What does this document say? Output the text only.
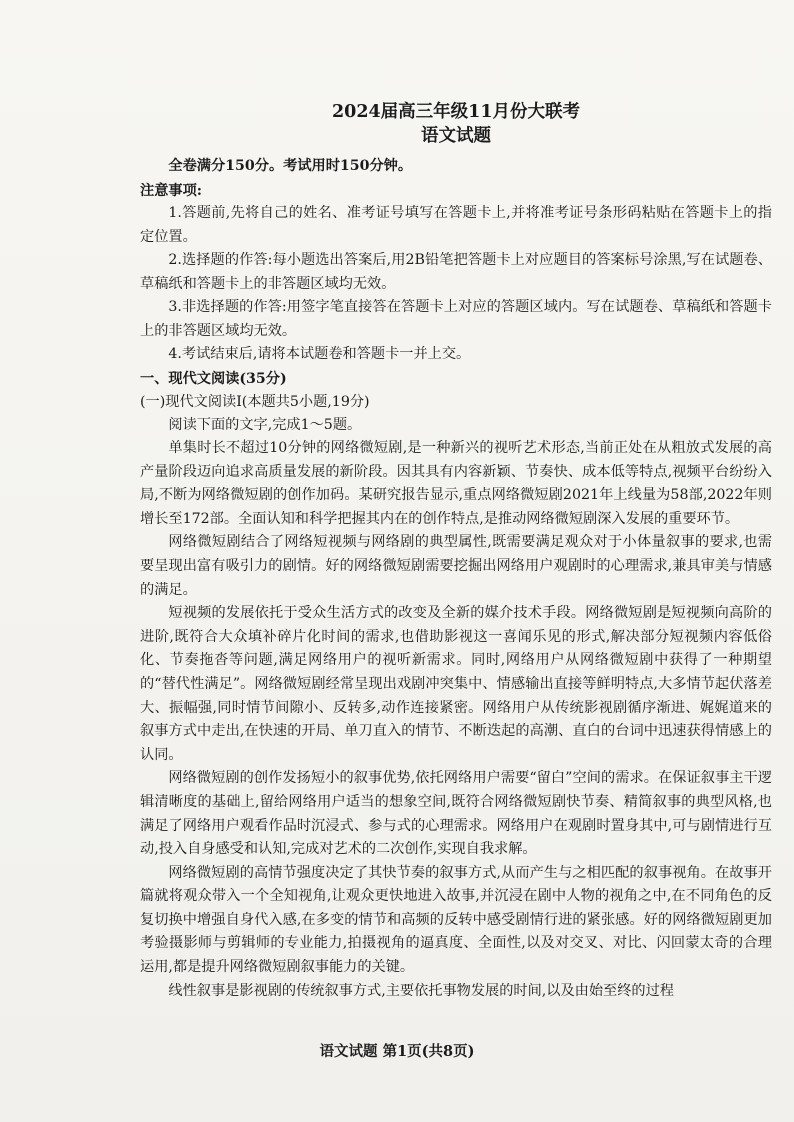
2024届高三年级11月份大联考

语文试题

全卷满分150分。考试用时150分钟。

注意事项:

1.答题前,先将自己的姓名、准考证号填写在答题卡上,并将准考证号条形码粘贴在答题卡上的指定位置。

2.选择题的作答:每小题选出答案后,用2B铅笔把答题卡上对应题目的答案标号涂黑,写在试题卷、草稿纸和答题卡上的非答题区域均无效。

3.非选择题的作答:用签字笔直接答在答题卡上对应的答题区域内。写在试题卷、草稿纸和答题卡上的非答题区域均无效。

4.考试结束后,请将本试题卷和答题卡一并上交。

一、现代文阅读(35分)

(一)现代文阅读Ⅰ(本题共5小题,19分)

阅读下面的文字,完成1～5题。

单集时长不超过10分钟的网络微短剧,是一种新兴的视听艺术形态,当前正处在从粗放式发展的高产量阶段迈向追求高质量发展的新阶段。因其具有内容新颖、节奏快、成本低等特点,视频平台纷纷入局,不断为网络微短剧的创作加码。某研究报告显示,重点网络微短剧2021年上线量为58部,2022年则增长至172部。全面认知和科学把握其内在的创作特点,是推动网络微短剧深入发展的重要环节。

网络微短剧结合了网络短视频与网络剧的典型属性,既需要满足观众对于小体量叙事的要求,也需要呈现出富有吸引力的剧情。好的网络微短剧需要挖掘出网络用户观剧时的心理需求,兼具审美与情感的满足。

短视频的发展依托于受众生活方式的改变及全新的媒介技术手段。网络微短剧是短视频向高阶的进阶,既符合大众填补碎片化时间的需求,也借助影视这一喜闻乐见的形式,解决部分短视频内容低俗化、节奏拖沓等问题,满足网络用户的视听新需求。同时,网络用户从网络微短剧中获得了一种期望的“替代性满足”。网络微短剧经常呈现出戏剧冲突集中、情感输出直接等鲜明特点,大多情节起伏落差大、振幅强,同时情节间隙小、反转多,动作连接紧密。网络用户从传统影视剧循序渐进、娓娓道来的叙事方式中走出,在快速的开局、单刀直入的情节、不断迭起的高潮、直白的台词中迅速获得情感上的认同。

网络微短剧的创作发扬短小的叙事优势,依托网络用户需要“留白”空间的需求。在保证叙事主干逻辑清晰度的基础上,留给网络用户适当的想象空间,既符合网络微短剧快节奏、精简叙事的典型风格,也满足了网络用户观看作品时沉浸式、参与式的心理需求。网络用户在观剧时置身其中,可与剧情进行互动,投入自身感受和认知,完成对艺术的二次创作,实现自我求解。

网络微短剧的高情节强度决定了其快节奏的叙事方式,从而产生与之相匹配的叙事视角。在故事开篇就将观众带入一个全知视角,让观众更快地进入故事,并沉浸在剧中人物的视角之中,在不同角色的反复切换中增强自身代入感,在多变的情节和高频的反转中感受剧情行进的紧张感。好的网络微短剧更加考验摄影师与剪辑师的专业能力,拍摄视角的逼真度、全面性,以及对交叉、对比、闪回蒙太奇的合理运用,都是提升网络微短剧叙事能力的关键。

线性叙事是影视剧的传统叙事方式,主要依托事物发展的时间,以及由始至终的过程

语文试题 第1页(共8页)
